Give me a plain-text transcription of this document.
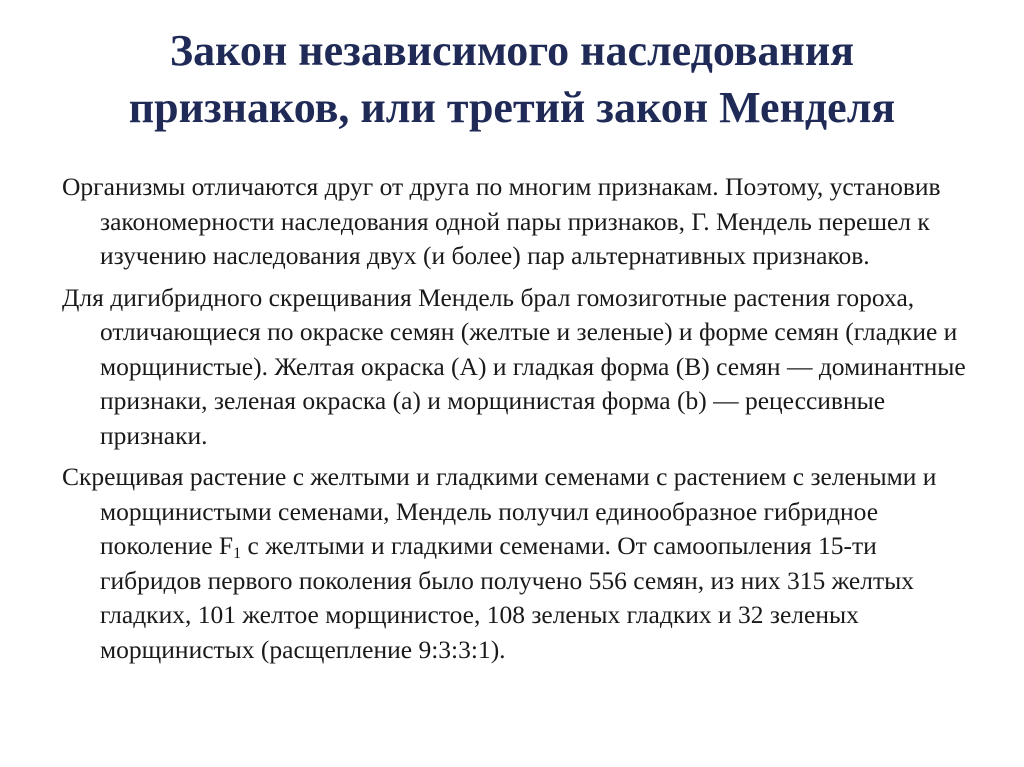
Закон независимого наследования
признаков, или третий закон Менделя

Организмы отличаются друг от друга по многим признакам. Поэтому, установив закономерности наследования одной пары признаков, Г. Мендель перешел к изучению наследования двух (и более) пар альтернативных признаков.

Для дигибридного скрещивания Мендель брал гомозиготные растения гороха, отличающиеся по окраске семян (желтые и зеленые) и форме семян (гладкие и морщинистые). Желтая окраска (А) и гладкая форма (В) семян — доминантные признаки, зеленая окраска (а) и морщинистая форма (b) — рецессивные признаки.

Скрещивая растение с желтыми и гладкими семенами с растением с зелеными и морщинистыми семенами, Мендель получил единообразное гибридное поколение $F_1$ с желтыми и гладкими семенами. От самоопыления 15-ти гибридов первого поколения было получено 556 семян, из них 315 желтых гладких, 101 желтое морщинистое, 108 зеленых гладких и 32 зеленых морщинистых (расщепление 9:3:3:1).
